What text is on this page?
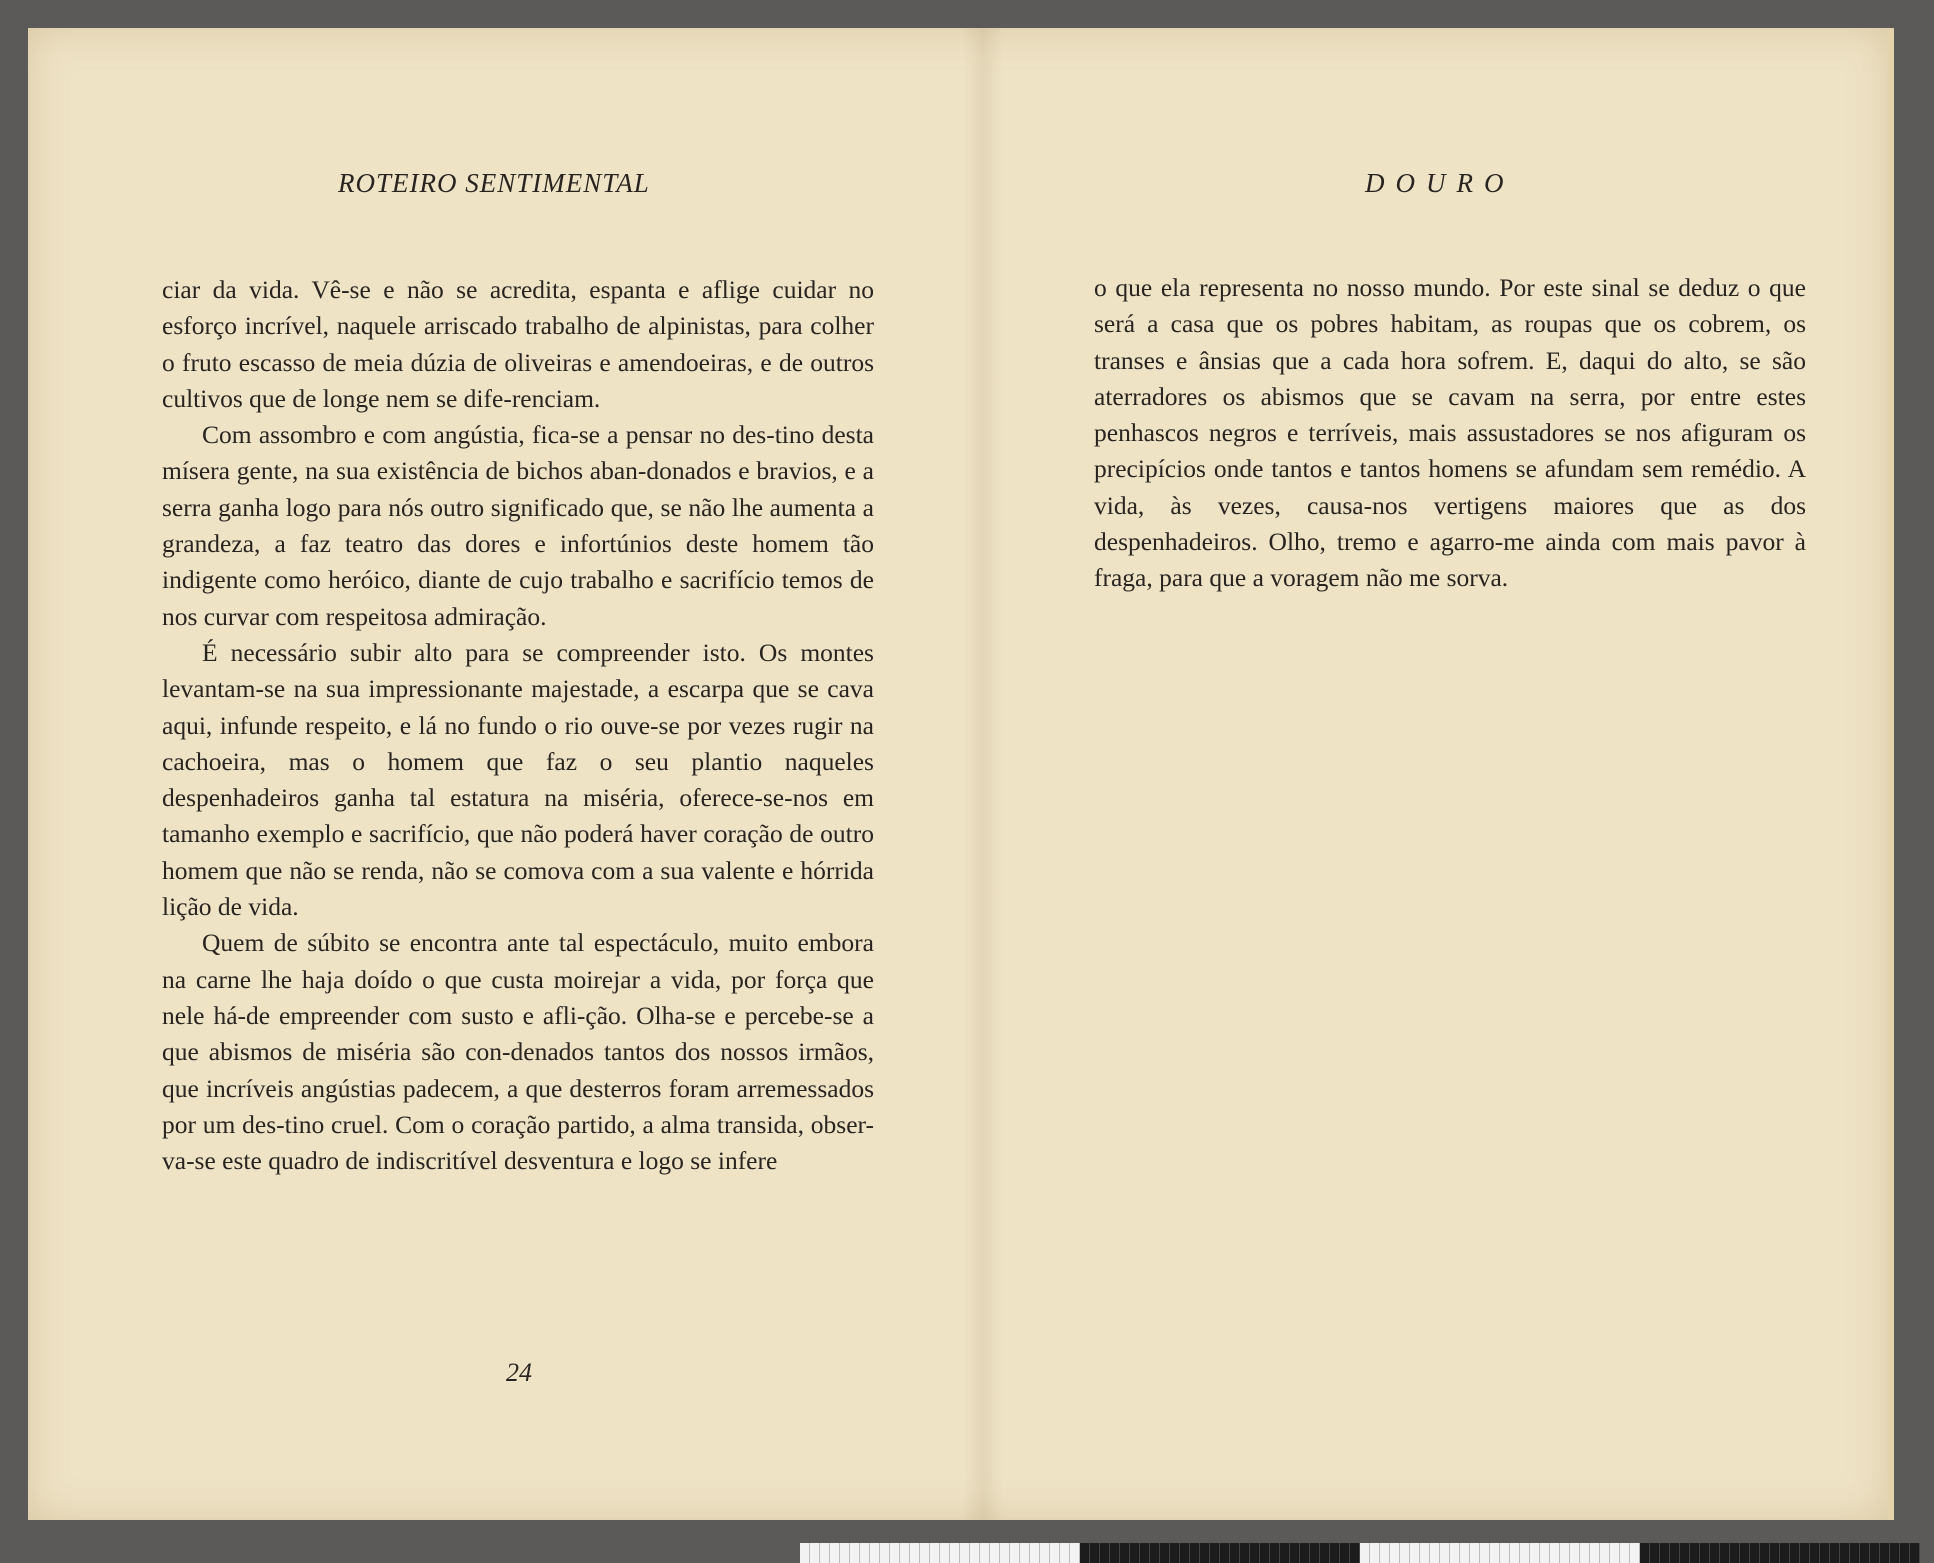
ROTEIRO SENTIMENTAL

ciar da vida. Vê-se e não se acredita, espanta e aflige cuidar no esforço incrível, naquele arriscado trabalho de alpinistas, para colher o fruto escasso de meia dúzia de oliveiras e amendoeiras, e de outros cultivos que de longe nem se dife-renciam.

Com assombro e com angústia, fica-se a pensar no des-tino desta mísera gente, na sua existência de bichos aban-donados e bravios, e a serra ganha logo para nós outro significado que, se não lhe aumenta a grandeza, a faz teatro das dores e infortúnios deste homem tão indigente como heróico, diante de cujo trabalho e sacrifício temos de nos curvar com respeitosa admiração.

É necessário subir alto para se compreender isto. Os montes levantam-se na sua impressionante majestade, a escarpa que se cava aqui, infunde respeito, e lá no fundo o rio ouve-se por vezes rugir na cachoeira, mas o homem que faz o seu plantio naqueles despenhadeiros ganha tal estatura na miséria, oferece-se-nos em tamanho exemplo e sacrifício, que não poderá haver coração de outro homem que não se renda, não se comova com a sua valente e hórrida lição de vida.

Quem de súbito se encontra ante tal espectáculo, muito embora na carne lhe haja doído o que custa moirejar a vida, por força que nele há-de empreender com susto e afli-ção. Olha-se e percebe-se a que abismos de miséria são con-denados tantos dos nossos irmãos, que incríveis angústias padecem, a que desterros foram arremessados por um des-tino cruel. Com o coração partido, a alma transida, obser-va-se este quadro de indiscritível desventura e logo se infere

24
DOURO

o que ela representa no nosso mundo. Por este sinal se deduz o que será a casa que os pobres habitam, as roupas que os cobrem, os transes e ânsias que a cada hora sofrem. E, daqui do alto, se são aterradores os abismos que se cavam na serra, por entre estes penhascos negros e terríveis, mais assustadores se nos afiguram os precipícios onde tantos e tantos homens se afundam sem remédio. A vida, às vezes, causa-nos vertigens maiores que as dos despenhadeiros. Olho, tremo e agarro-me ainda com mais pavor à fraga, para que a voragem não me sorva.
